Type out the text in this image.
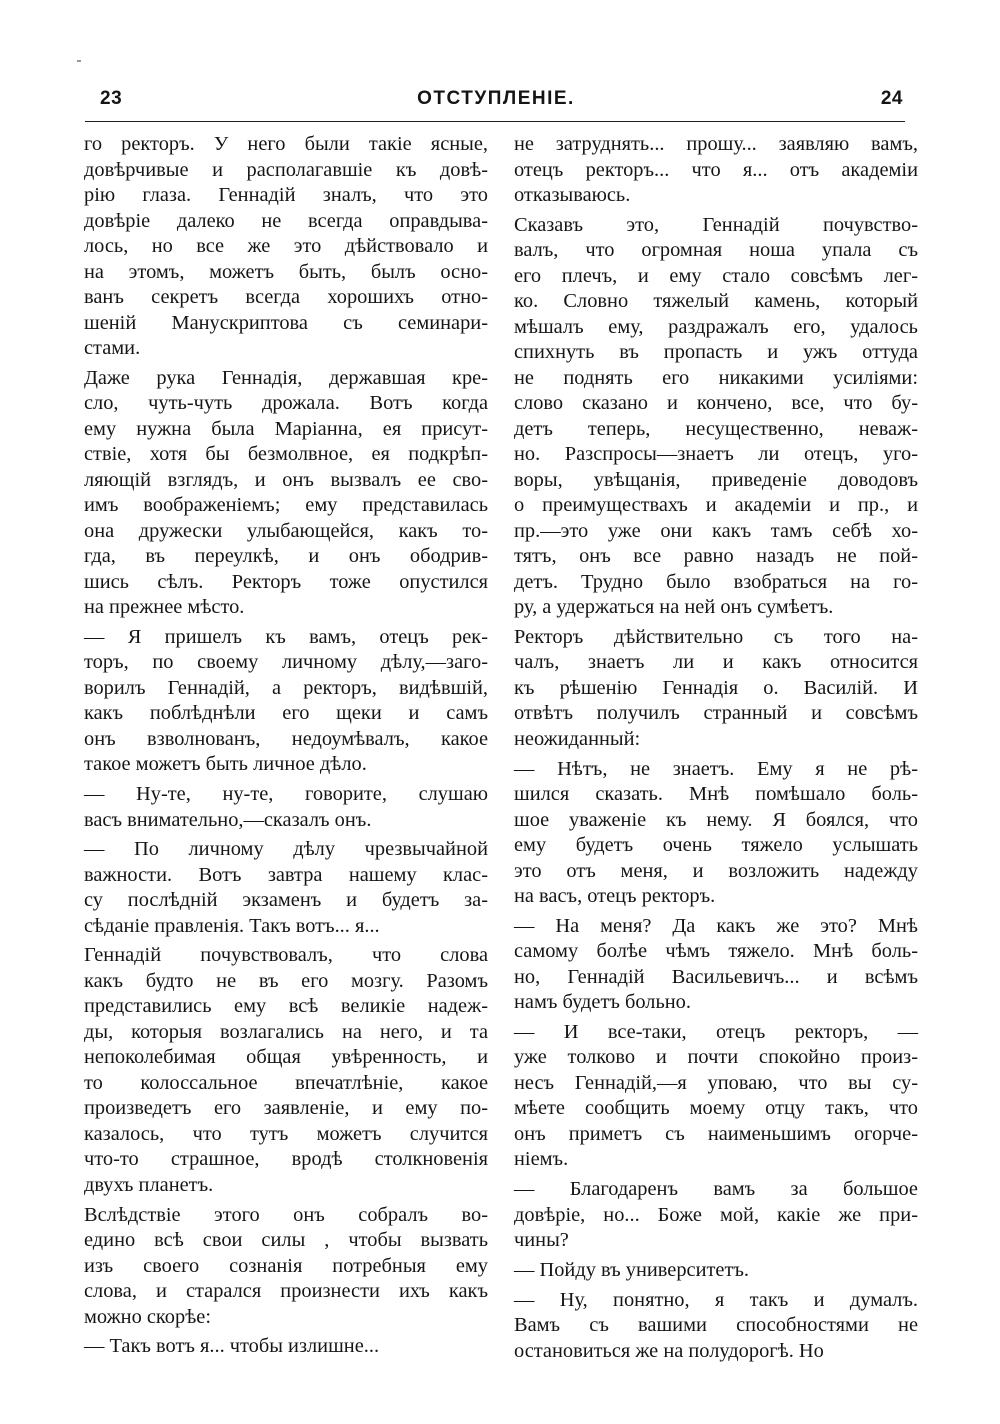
23	ОТСТУПЛЕНІЕ.	24
го ректоръ. У него были такіе ясные,
довѣрчивые и располагавшіе къ довѣ-
рію глаза. Геннадій зналъ, что это
довѣріе далеко не всегда оправдыва-
лось, но все же это дѣйствовало и
на этомъ, можетъ быть, былъ осно-
ванъ секретъ всегда хорошихъ отно-
шеній Манускриптова съ семинари-
стами.
Даже рука Геннадія, державшая кре-
сло, чуть-чуть дрожала. Вотъ когда
ему нужна была Маріанна, ея присут-
ствіе, хотя бы безмолвное, ея подкрѣп-
ляющій взглядъ, и онъ вызвалъ ее сво-
имъ воображеніемъ; ему представилась
она дружески улыбающейся, какъ то-
гда, въ переулкѣ, и онъ ободрив-
шись сѣлъ. Ректоръ тоже опустился
на прежнее мѣсто.
— Я пришелъ къ вамъ, отецъ рек-
торъ, по своему личному дѣлу,—заго-
ворилъ Геннадій, а ректоръ, видѣвшій,
какъ поблѣднѣли его щеки и самъ
онъ взволнованъ, недоумѣвалъ, какое
такое можетъ быть личное дѣло.
— Ну-те, ну-те, говорите, слушаю
васъ внимательно,—сказалъ онъ.
— По личному дѣлу чрезвычайной
важности. Вотъ завтра нашему клас-
су послѣдній экзаменъ и будетъ за-
сѣданіе правленія. Такъ вотъ... я...
Геннадій почувствовалъ, что слова
какъ будто не въ его мозгу. Разомъ
представились ему всѣ великіе надеж-
ды, которыя возлагались на него, и та
непоколебимая общая увѣренность, и
то колоссальное впечатлѣніе, какое
произведетъ его заявленіе, и ему по-
казалось, что тутъ можетъ случится
что-то страшное, вродѣ столкновенія
двухъ планетъ.
Вслѣдствіе этого онъ собралъ во-
едино всѣ свои силы , чтобы вызвать
изъ своего сознанія потребныя ему
слова, и старался произнести ихъ какъ
можно скорѣе:
— Такъ вотъ я... чтобы излишне...
не затруднять... прошу... заявляю вамъ,
отецъ ректоръ... что я... отъ академіи
отказываюсь.
Сказавъ это, Геннадій почувство-
валъ, что огромная ноша упала съ
его плечъ, и ему стало совсѣмъ лег-
ко. Словно тяжелый камень, который
мѣшалъ ему, раздражалъ его, удалось
спихнуть въ пропасть и ужъ оттуда
не поднять его никакими усиліями:
слово сказано и кончено, все, что бу-
детъ теперь, несущественно, неваж-
но. Разспросы—знаетъ ли отецъ, уго-
воры, увѣщанія, приведеніе доводовъ
о преимуществахъ и академіи и пр., и
пр.—это уже они какъ тамъ себѣ хо-
тятъ, онъ все равно назадъ не пой-
детъ. Трудно было взобраться на го-
ру, а удержаться на ней онъ сумѣетъ.
Ректоръ дѣйствительно съ того на-
чалъ, знаетъ ли и какъ относится
къ рѣшенію Геннадія о. Василій. И
отвѣтъ получилъ странный и совсѣмъ
неожиданный:
— Нѣтъ, не знаетъ. Ему я не рѣ-
шился сказать. Мнѣ помѣшало боль-
шое уваженіе къ нему. Я боялся, что
ему будетъ очень тяжело услышать
это отъ меня, и возложить надежду
на васъ, отецъ ректоръ.
— На меня? Да какъ же это? Мнѣ
самому болѣе чѣмъ тяжело. Мнѣ боль-
но, Геннадій Васильевичъ... и всѣмъ
намъ будетъ больно.
— И все-таки, отецъ ректоръ, —
уже толково и почти спокойно произ-
несъ Геннадій,—я уповаю, что вы су-
мѣете сообщить моему отцу такъ, что
онъ приметъ съ наименьшимъ огорче-
ніемъ.
— Благодаренъ вамъ за большое
довѣріе, но... Боже мой, какіе же при-
чины?
— Пойду въ университетъ.
— Ну, понятно, я такъ и думалъ.
Вамъ съ вашими способностями не
остановиться же на полудорогѣ. Но
